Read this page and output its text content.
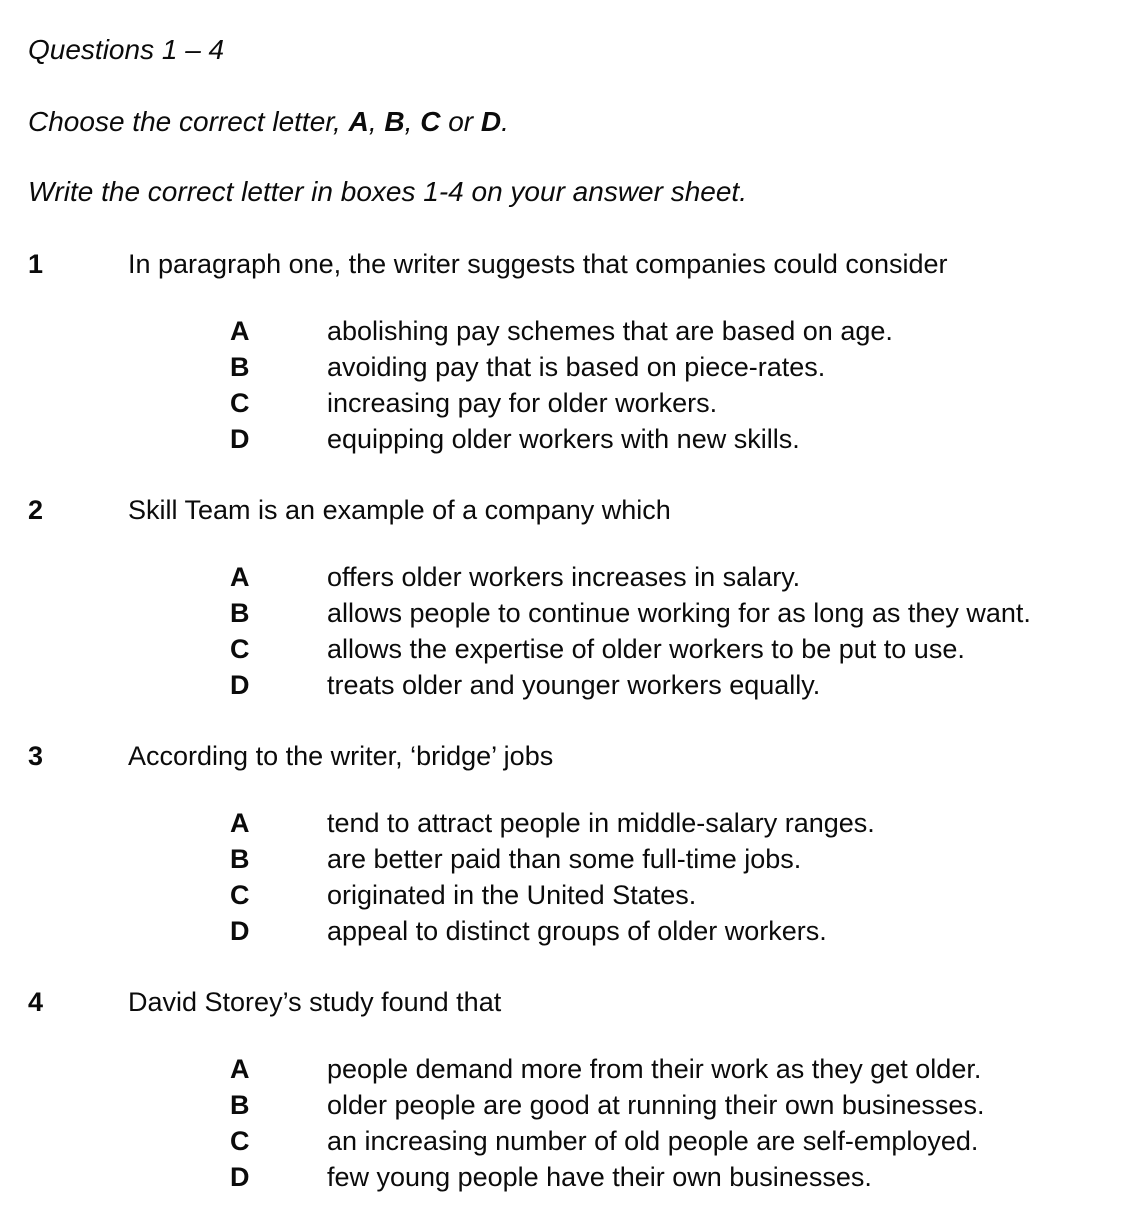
Questions 1 – 4
Choose the correct letter, A, B, C or D.
Write the correct letter in boxes 1-4 on your answer sheet.
1	In paragraph one, the writer suggests that companies could consider
A	abolishing pay schemes that are based on age.
B	avoiding pay that is based on piece-rates.
C	increasing pay for older workers.
D	equipping older workers with new skills.
2	Skill Team is an example of a company which
A	offers older workers increases in salary.
B	allows people to continue working for as long as they want.
C	allows the expertise of older workers to be put to use.
D	treats older and younger workers equally.
3	According to the writer, ‘bridge’ jobs
A	tend to attract people in middle-salary ranges.
B	are better paid than some full-time jobs.
C	originated in the United States.
D	appeal to distinct groups of older workers.
4	David Storey’s study found that
A	people demand more from their work as they get older.
B	older people are good at running their own businesses.
C	an increasing number of old people are self-employed.
D	few young people have their own businesses.
